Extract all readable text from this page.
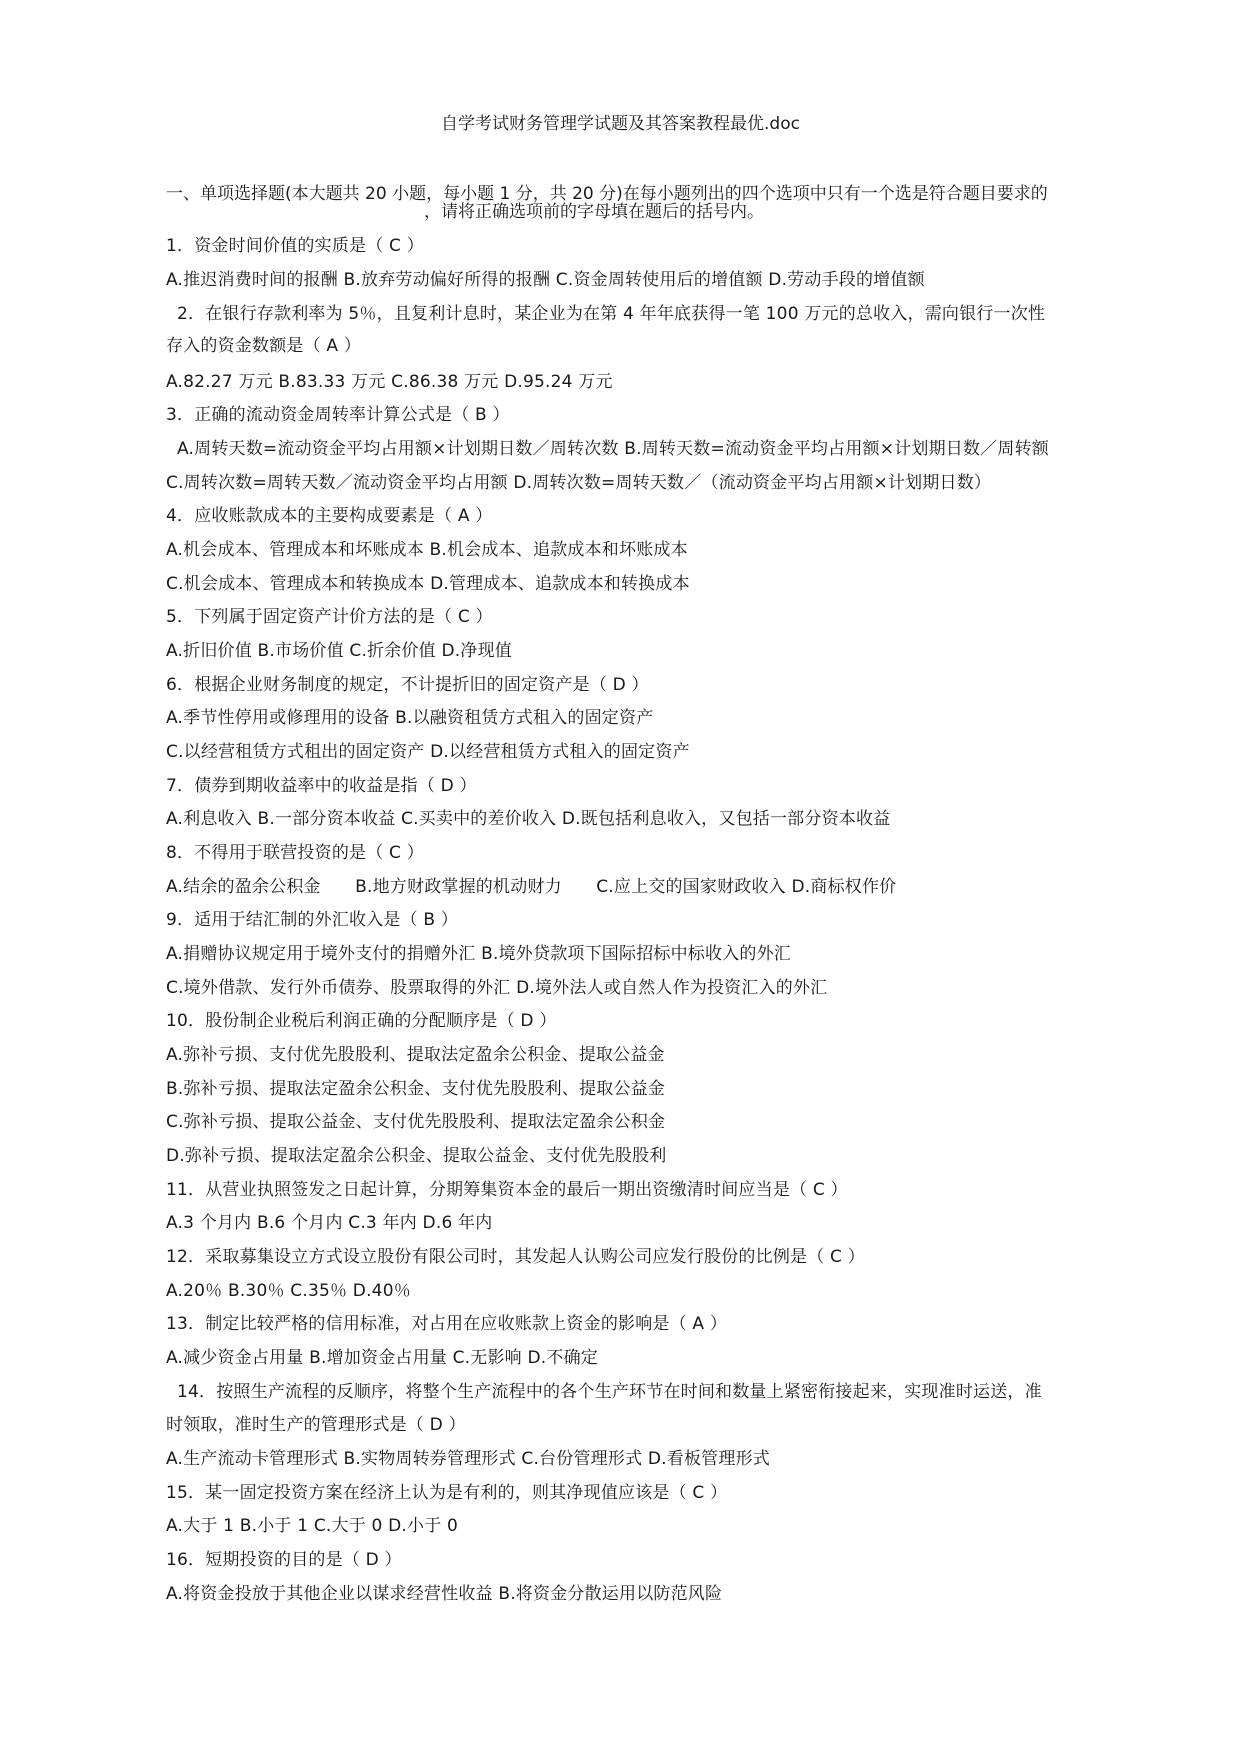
自学考试财务管理学试题及其答案教程最优.doc
一、单项选择题(本大题共 20 小题，每小题 1 分，共 20 分)在每小题列出的四个选项中只有一个选是符合题目要求的
，请将正确选项前的字母填在题后的括号内。
1．资金时间价值的实质是（ C ）
A.推迟消费时间的报酬 B.放弃劳动偏好所得的报酬 C.资金周转使用后的增值额 D.劳动手段的增值额
2．在银行存款利率为 5％，且复利计息时，某企业为在第 4 年年底获得一笔 100 万元的总收入，需向银行一次性
存入的资金数额是（ A ）
A.82.27 万元 B.83.33 万元 C.86.38 万元 D.95.24 万元
3．正确的流动资金周转率计算公式是（ B ）
A.周转天数=流动资金平均占用额×计划期日数／周转次数 B.周转天数=流动资金平均占用额×计划期日数／周转额
C.周转次数=周转天数／流动资金平均占用额 D.周转次数=周转天数／（流动资金平均占用额×计划期日数）
4．应收账款成本的主要构成要素是（ A ）
A.机会成本、管理成本和坏账成本 B.机会成本、追款成本和坏账成本
C.机会成本、管理成本和转换成本 D.管理成本、追款成本和转换成本
5．下列属于固定资产计价方法的是（ C ）
A.折旧价值 B.市场价值 C.折余价值 D.净现值
6．根据企业财务制度的规定，不计提折旧的固定资产是（ D ）
A.季节性停用或修理用的设备 B.以融资租赁方式租入的固定资产
C.以经营租赁方式租出的固定资产 D.以经营租赁方式租入的固定资产
7．债券到期收益率中的收益是指（ D ）
A.利息收入 B.一部分资本收益 C.买卖中的差价收入 D.既包括利息收入，又包括一部分资本收益
8．不得用于联营投资的是（ C ）
A.结余的盈余公积金　　B.地方财政掌握的机动财力　　C.应上交的国家财政收入 D.商标权作价
9．适用于结汇制的外汇收入是（ B ）
A.捐赠协议规定用于境外支付的捐赠外汇 B.境外贷款项下国际招标中标收入的外汇
C.境外借款、发行外币债券、股票取得的外汇 D.境外法人或自然人作为投资汇入的外汇
10．股份制企业税后利润正确的分配顺序是（ D ）
A.弥补亏损、支付优先股股利、提取法定盈余公积金、提取公益金
B.弥补亏损、提取法定盈余公积金、支付优先股股利、提取公益金
C.弥补亏损、提取公益金、支付优先股股利、提取法定盈余公积金
D.弥补亏损、提取法定盈余公积金、提取公益金、支付优先股股利
11．从营业执照签发之日起计算，分期筹集资本金的最后一期出资缴清时间应当是（ C ）
A.3 个月内 B.6 个月内 C.3 年内 D.6 年内
12．采取募集设立方式设立股份有限公司时，其发起人认购公司应发行股份的比例是（ C ）
A.20％ B.30％ C.35％ D.40％
13．制定比较严格的信用标准，对占用在应收账款上资金的影响是（ A ）
A.减少资金占用量 B.增加资金占用量 C.无影响 D.不确定
14．按照生产流程的反顺序，将整个生产流程中的各个生产环节在时间和数量上紧密衔接起来，实现准时运送，准
时领取，准时生产的管理形式是（ D ）
A.生产流动卡管理形式 B.实物周转券管理形式 C.台份管理形式 D.看板管理形式
15．某一固定投资方案在经济上认为是有利的，则其净现值应该是（ C ）
A.大于 1 B.小于 1 C.大于 0 D.小于 0
16．短期投资的目的是（ D ）
A.将资金投放于其他企业以谋求经营性收益 B.将资金分散运用以防范风险
